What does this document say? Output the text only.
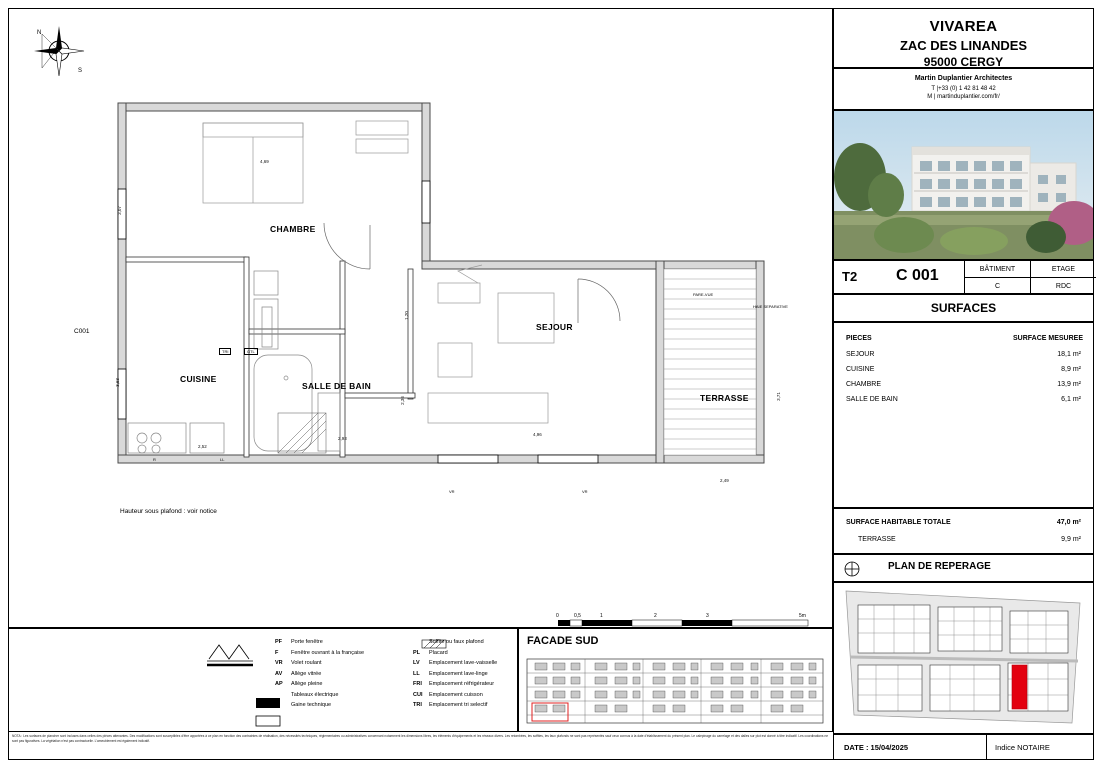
N
S
C001
CHAMBRE
CUISINE
SALLE DE BAIN
SEJOUR
TERRASSE
4,69
3,07
3,63
2,52
2,93
2,36
1,20
2,49
3,71
4,96
TRI	GTL
R	LL
VR	VR
PARE-VUE
HAIE SEPARATIVE
Hauteur sous plafond : voir notice
0	0,5	1	2	3	5m
PF Porte fenêtre
F Fenêtre ouvrant à la française
VR Volet roulant
AV Allège vitrée
AP Allège pleine
Tableaux électrique
Gaine technique
Soffite ou faux plafond
PL Placard
LV Emplacement lave-vaisselle
LL Emplacement lave-linge
FRI Emplacement réfrigérateur
CUI Emplacement cuisson
TRI Emplacement tri selectif
FACADE SUD
NOTA : Les surfaces de plancher sont incluses dans celles des pièces attenantes. Des modifications sont susceptibles d'être apportées à ce plan en fonction des contraintes de réalisation, des nécessités techniques, réglementaires ou administratives concernant notamment les dimensions libres, les éléments d'équipements et les réseaux divers. Les retombées, les soffites, les faux plafonds ne sont pas représentés sauf ceux connus à la date d'établissement du présent plan. Le calepinage du carrelage et des dalles sur plot est donné à titre indicatif. Les coordinations ne sont pas figuratives. La végétation n'est pas contractuelle. L'ameublement est également indicatif.
VIVAREA
ZAC DES LINANDES
95000 CERGY
Martin Duplantier Architectes
T |+33 (0) 1 42 81 48 42
M | martinduplantier.com/fr/
T2 C 001	BÂTIMENT	ETAGE
C	RDC
SURFACES
PIECES	SURFACE MESUREE
SEJOUR	18,1 m²
CUISINE	8,9 m²
CHAMBRE	13,9 m²
SALLE DE BAIN	6,1 m²
SURFACE HABITABLE TOTALE	47,0 m²
TERRASSE	9,9 m²
PLAN DE REPERAGE
DATE : 15/04/2025	Indice NOTAIRE
